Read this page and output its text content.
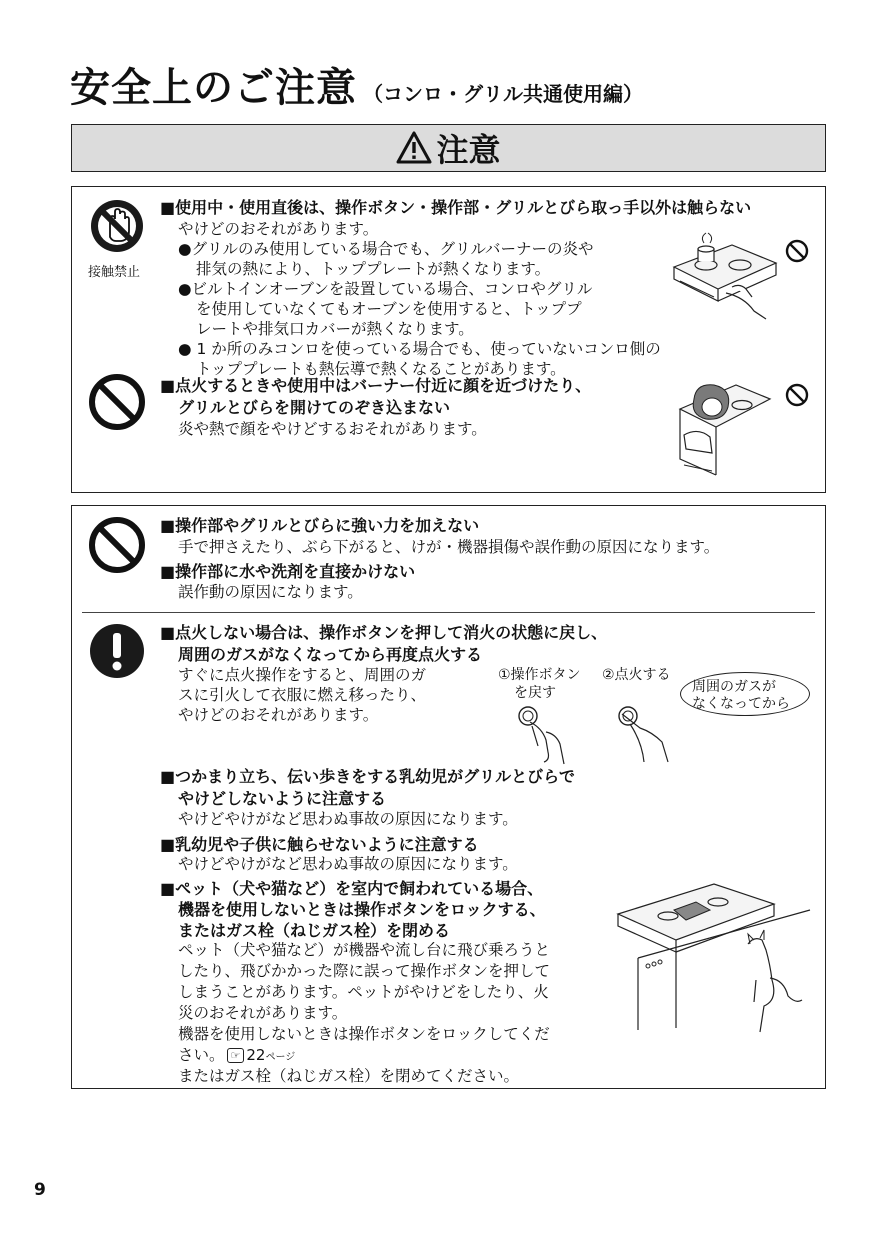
安全上のご注意 （コンロ・グリル共通使用編）
注意
接触禁止
■使用中・使用直後は、操作ボタン・操作部・グリルとびら取っ手以外は触らない
やけどのおそれがあります。
●グリルのみ使用している場合でも、グリルバーナーの炎や
排気の熱により、トッププレートが熱くなります。
●ビルトインオーブンを設置している場合、コンロやグリル
を使用していなくてもオーブンを使用すると、トッププ
レートや排気口カバーが熱くなります。
● 1 か所のみコンロを使っている場合でも、使っていないコンロ側の
トッププレートも熱伝導で熱くなることがあります。
■点火するときや使用中はバーナー付近に顔を近づけたり、
グリルとびらを開けてのぞき込まない
炎や熱で顔をやけどするおそれがあります。
■操作部やグリルとびらに強い力を加えない
手で押さえたり、ぶら下がると、けが・機器損傷や誤作動の原因になります。
■操作部に水や洗剤を直接かけない
誤作動の原因になります。
■点火しない場合は、操作ボタンを押して消火の状態に戻し、
周囲のガスがなくなってから再度点火する
すぐに点火操作をすると、周囲のガ
スに引火して衣服に燃え移ったり、
やけどのおそれがあります。
①操作ボタン
を戻す
②点火する
周囲のガスが
なくなってから
■つかまり立ち、伝い歩きをする乳幼児がグリルとびらで
やけどしないように注意する
やけどやけがなど思わぬ事故の原因になります。
■乳幼児や子供に触らせないように注意する
やけどやけがなど思わぬ事故の原因になります。
■ペット（犬や猫など）を室内で飼われている場合、
機器を使用しないときは操作ボタンをロックする、
またはガス栓（ねじガス栓）を閉める
ペット（犬や猫など）が機器や流し台に飛び乗ろうと
したり、飛びかかった際に誤って操作ボタンを押して
しまうことがあります。ペットがやけどをしたり、火
災のおそれがあります。
機器を使用しないときは操作ボタンをロックしてくだ
さい。 ☞ 22ページ
またはガス栓（ねじガス栓）を閉めてください。
9
